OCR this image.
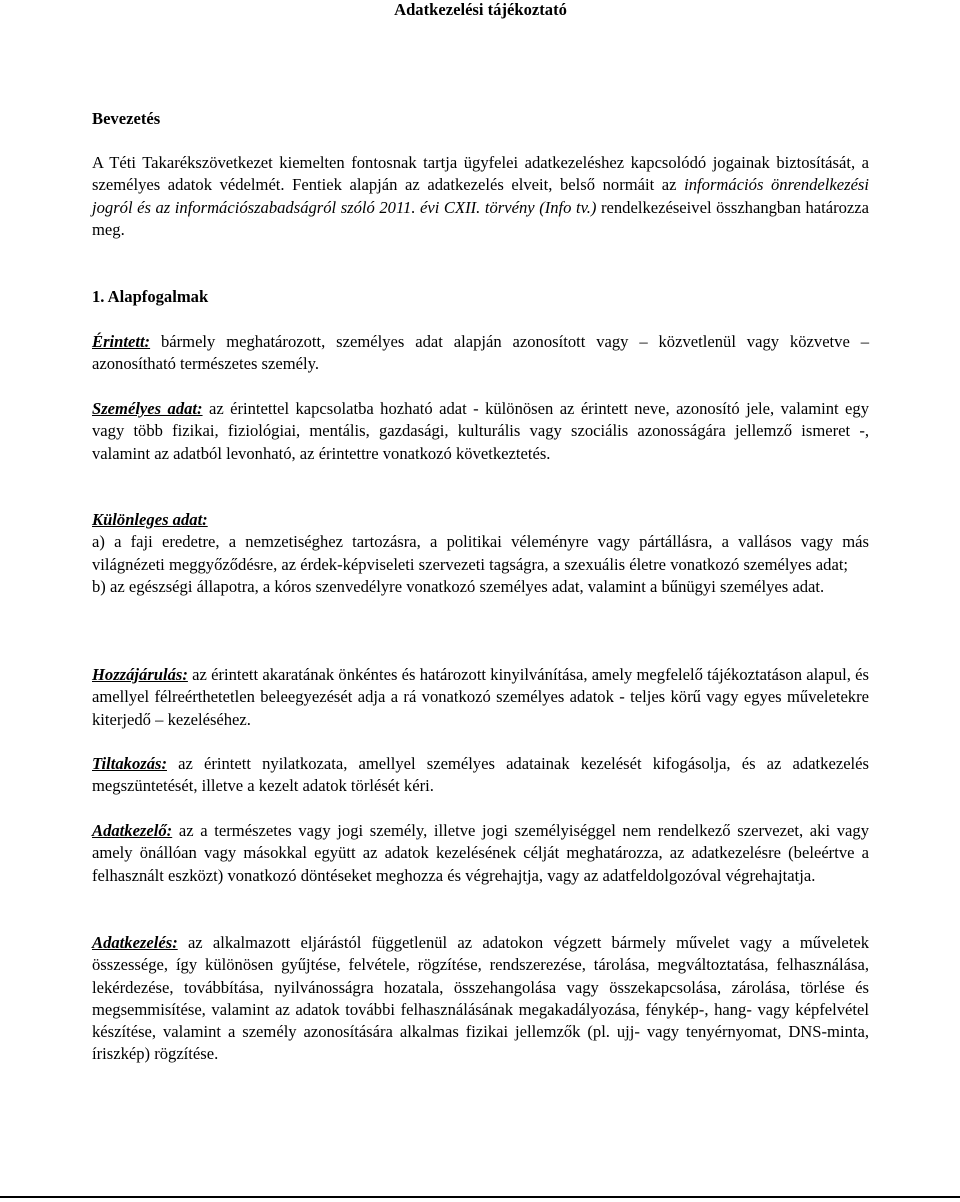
Adatkezelési tájékoztató
Bevezetés

A Téti Takarékszövetkezet kiemelten fontosnak tartja ügyfelei adatkezeléshez kapcsolódó jogainak biztosítását, a személyes adatok védelmét. Fentiek alapján az adatkezelés elveit, belső normáit az információs önrendelkezési jogról és az információszabadságról szóló 2011. évi CXII. törvény (Info tv.) rendelkezéseivel összhangban határozza meg.

1. Alapfogalmak

Érintett: bármely meghatározott, személyes adat alapján azonosított vagy – közvetlenül vagy közvetve – azonosítható természetes személy.

Személyes adat: az érintettel kapcsolatba hozható adat - különösen az érintett neve, azonosító jele, valamint egy vagy több fizikai, fiziológiai, mentális, gazdasági, kulturális vagy szociális azonosságára jellemző ismeret -, valamint az adatból levonható, az érintettre vonatkozó következtetés.

Különleges adat:

a) a faji eredetre, a nemzetiséghez tartozásra, a politikai véleményre vagy pártállásra, a vallásos vagy más világnézeti meggyőződésre, az érdek-képviseleti szervezeti tagságra, a szexuális életre vonatkozó személyes adat;

b) az egészségi állapotra, a kóros szenvedélyre vonatkozó személyes adat, valamint a bűnügyi személyes adat.

Hozzájárulás: az érintett akaratának önkéntes és határozott kinyilvánítása, amely megfelelő tájékoztatáson alapul, és amellyel félreérthetetlen beleegyezését adja a rá vonatkozó személyes adatok - teljes körű vagy egyes műveletekre kiterjedő – kezeléséhez.

Tiltakozás: az érintett nyilatkozata, amellyel személyes adatainak kezelését kifogásolja, és az adatkezelés megszüntetését, illetve a kezelt adatok törlését kéri.

Adatkezelő: az a természetes vagy jogi személy, illetve jogi személyiséggel nem rendelkező szervezet, aki vagy amely önállóan vagy másokkal együtt az adatok kezelésének célját meghatározza, az adatkezelésre (beleértve a felhasznált eszközt) vonatkozó döntéseket meghozza és végrehajtja, vagy az adatfeldolgozóval végrehajtatja.

Adatkezelés: az alkalmazott eljárástól függetlenül az adatokon végzett bármely művelet vagy a műveletek összessége, így különösen gyűjtése, felvétele, rögzítése, rendszerezése, tárolása, megváltoztatása, felhasználása, lekérdezése, továbbítása, nyilvánosságra hozatala, összehangolása vagy összekapcsolása, zárolása, törlése és megsemmisítése, valamint az adatok további felhasználásának megakadályozása, fénykép-, hang- vagy képfelvétel készítése, valamint a személy azonosítására alkalmas fizikai jellemzők (pl. ujj- vagy tenyérnyomat, DNS-minta, íriszkép) rögzítése.
